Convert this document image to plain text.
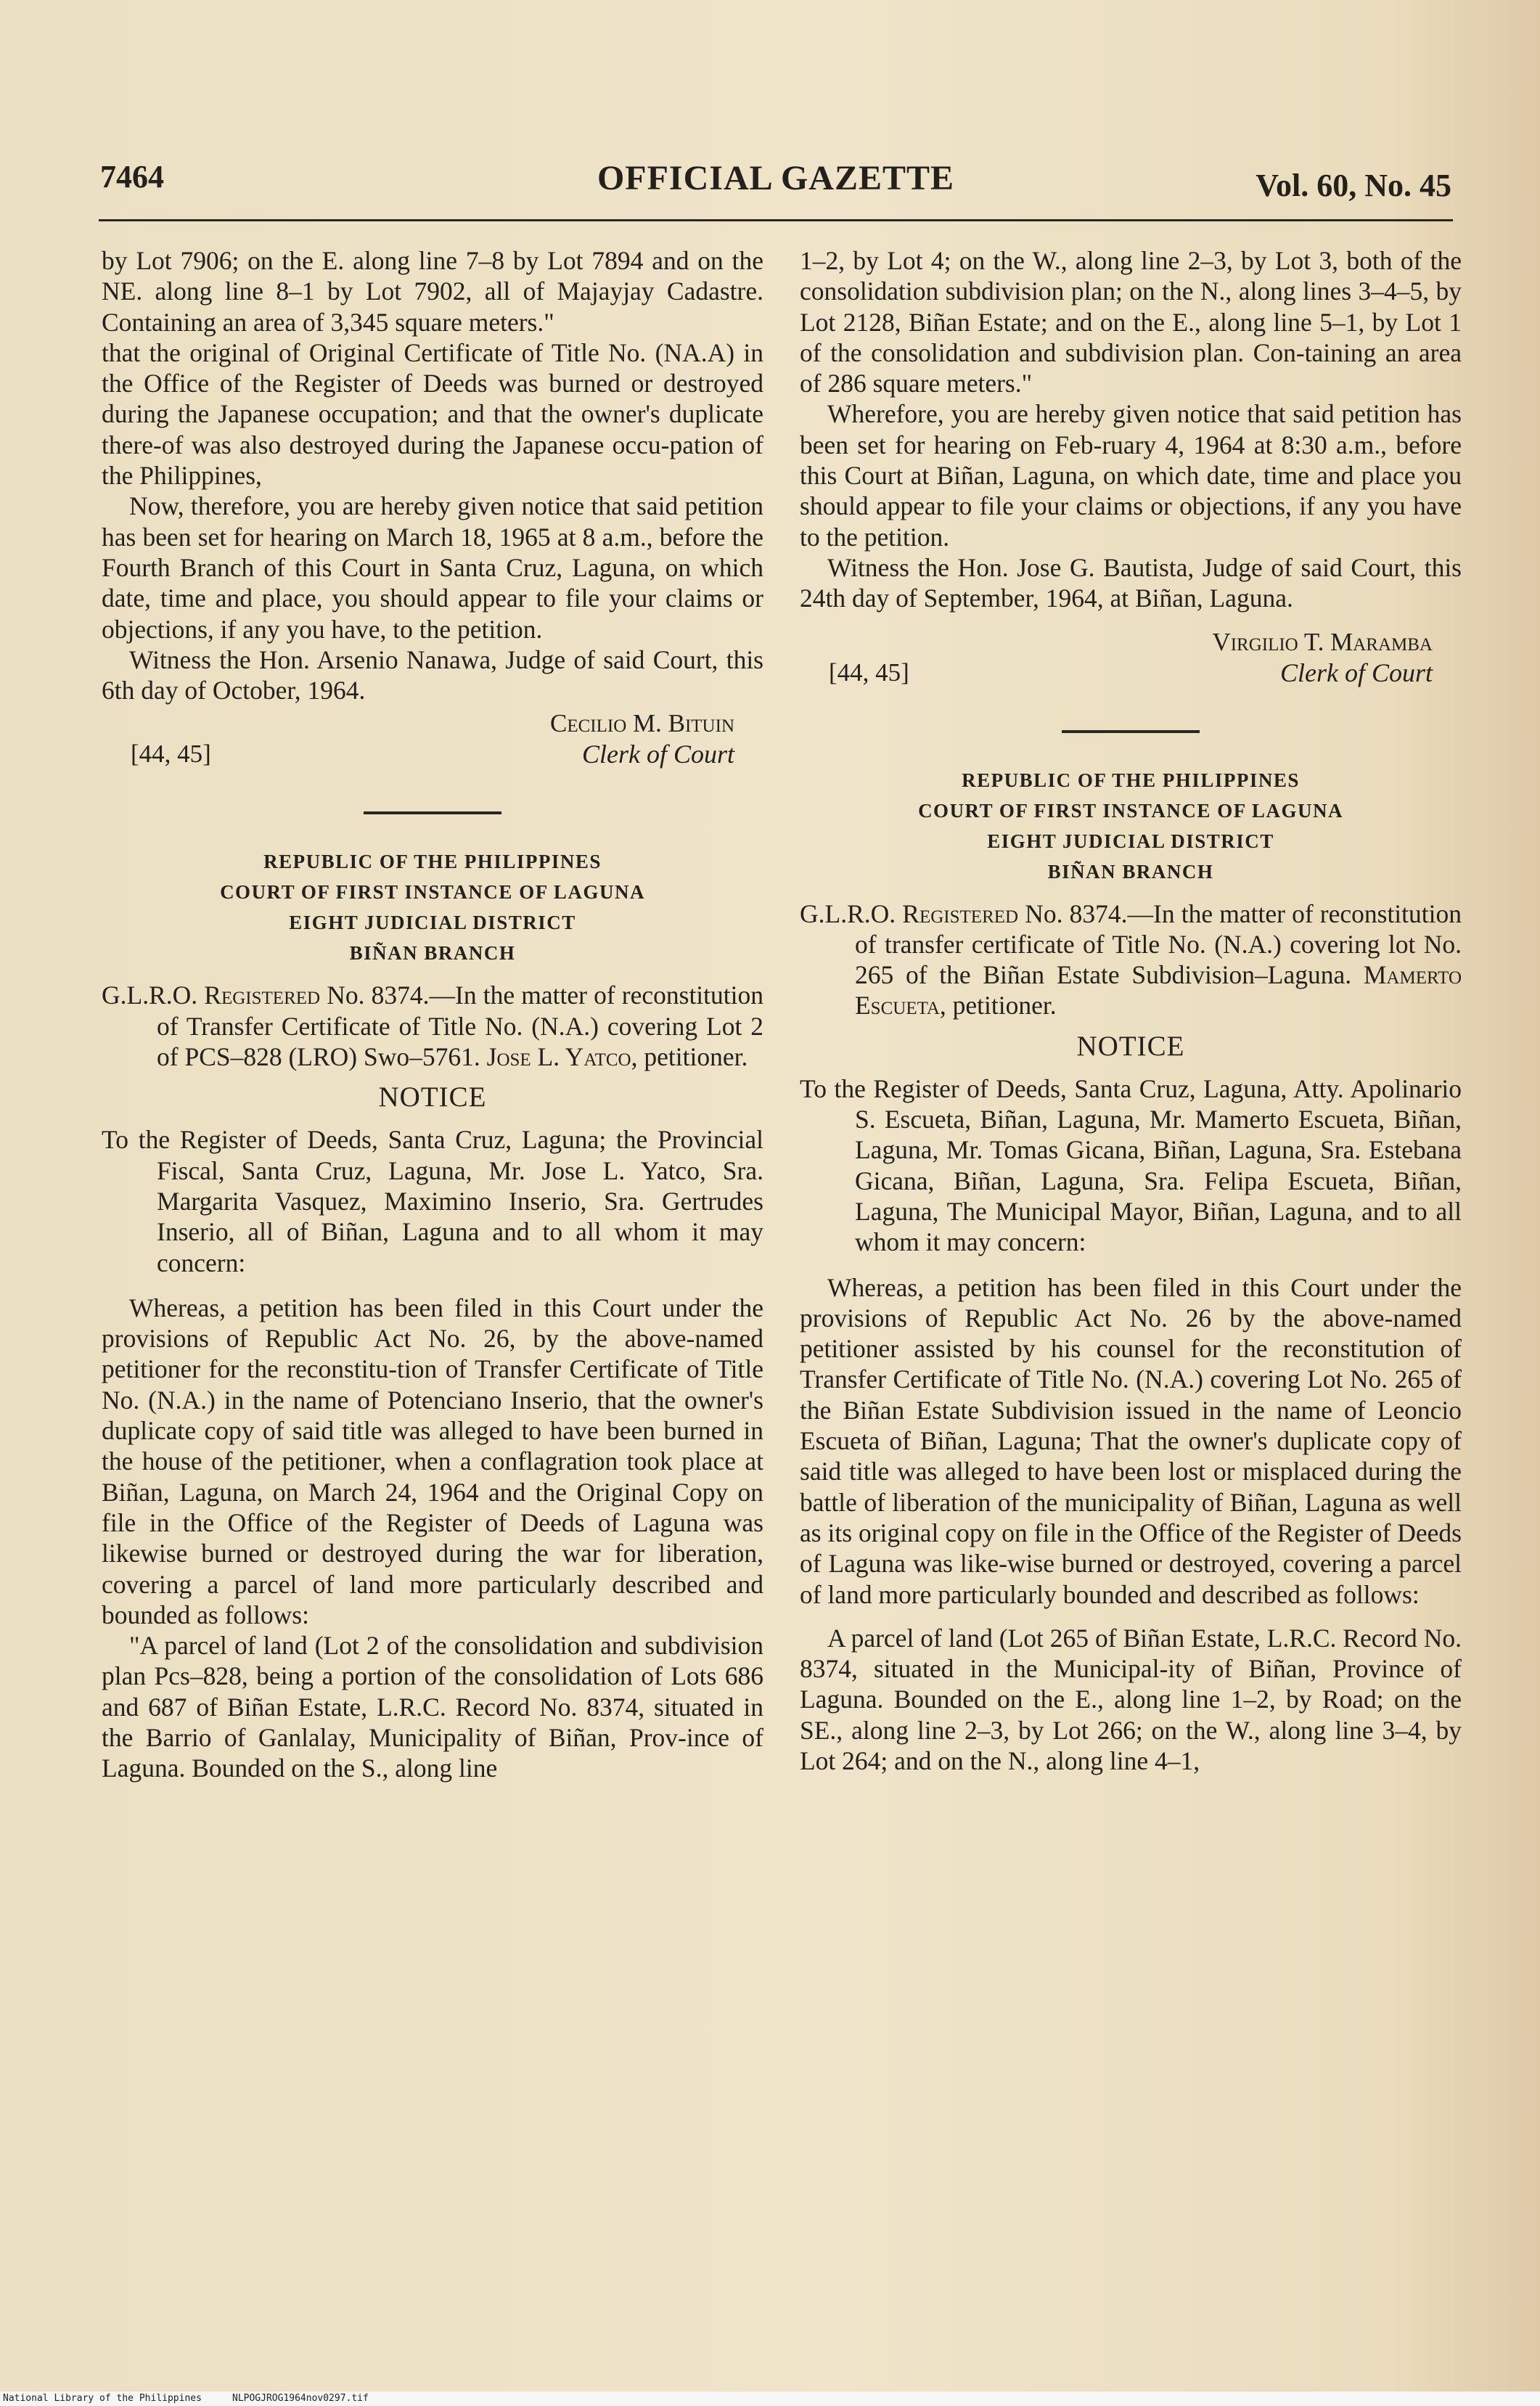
7464	OFFICIAL GAZETTE	Vol. 60, No. 45

by Lot 7906; on the E. along line 7–8 by Lot 7894 and on the NE. along line 8–1 by Lot 7902, all of Majayjay Cadastre. Containing an area of 3,345 square meters."

that the original of Original Certificate of Title No. (NA.A) in the Office of the Register of Deeds was burned or destroyed during the Japanese occupation; and that the owner's duplicate there-of was also destroyed during the Japanese occu-pation of the Philippines,

Now, therefore, you are hereby given notice that said petition has been set for hearing on March 18, 1965 at 8 a.m., before the Fourth Branch of this Court in Santa Cruz, Laguna, on which date, time and place, you should appear to file your claims or objections, if any you have, to the petition.

Witness the Hon. Arsenio Nanawa, Judge of said Court, this 6th day of October, 1964.

Cecilio M. Bituin
Clerk of Court
[44, 45]
REPUBLIC OF THE PHILIPPINES
COURT OF FIRST INSTANCE OF LAGUNA
EIGHT JUDICIAL DISTRICT
BIÑAN BRANCH

G.L.R.O. Registered No. 8374.—In the matter of reconstitution of Transfer Certificate of Title No. (N.A.) covering Lot 2 of PCS–828 (LRO) Swo–5761. Jose L. Yatco, petitioner.

NOTICE

To the Register of Deeds, Santa Cruz, Laguna; the Provincial Fiscal, Santa Cruz, Laguna, Mr. Jose L. Yatco, Sra. Margarita Vasquez, Maximino Inserio, Sra. Gertrudes Inserio, all of Biñan, Laguna and to all whom it may concern:

Whereas, a petition has been filed in this Court under the provisions of Republic Act No. 26, by the above-named petitioner for the reconstitu-tion of Transfer Certificate of Title No. (N.A.) in the name of Potenciano Inserio, that the owner's duplicate copy of said title was alleged to have been burned in the house of the petitioner, when a conflagration took place at Biñan, Laguna, on March 24, 1964 and the Original Copy on file in the Office of the Register of Deeds of Laguna was likewise burned or destroyed during the war for liberation, covering a parcel of land more particularly described and bounded as follows:

"A parcel of land (Lot 2 of the consolidation and subdivision plan Pcs–828, being a portion of the consolidation of Lots 686 and 687 of Biñan Estate, L.R.C. Record No. 8374, situated in the Barrio of Ganlalay, Municipality of Biñan, Prov-ince of Laguna. Bounded on the S., along line

1–2, by Lot 4; on the W., along line 2–3, by Lot 3, both of the consolidation subdivision plan; on the N., along lines 3–4–5, by Lot 2128, Biñan Estate; and on the E., along line 5–1, by Lot 1 of the consolidation and subdivision plan. Con-taining an area of 286 square meters."

Wherefore, you are hereby given notice that said petition has been set for hearing on Feb-ruary 4, 1964 at 8:30 a.m., before this Court at Biñan, Laguna, on which date, time and place you should appear to file your claims or objections, if any you have to the petition.

Witness the Hon. Jose G. Bautista, Judge of said Court, this 24th day of September, 1964, at Biñan, Laguna.

Virgilio T. Maramba
Clerk of Court
[44, 45]
REPUBLIC OF THE PHILIPPINES
COURT OF FIRST INSTANCE OF LAGUNA
EIGHT JUDICIAL DISTRICT
BIÑAN BRANCH

G.L.R.O. Registered No. 8374.—In the matter of reconstitution of transfer certificate of Title No. (N.A.) covering lot No. 265 of the Biñan Estate Subdivision–Laguna. Mamerto Escueta, petitioner.

NOTICE

To the Register of Deeds, Santa Cruz, Laguna, Atty. Apolinario S. Escueta, Biñan, Laguna, Mr. Mamerto Escueta, Biñan, Laguna, Mr. Tomas Gicana, Biñan, Laguna, Sra. Estebana Gicana, Biñan, Laguna, Sra. Felipa Escueta, Biñan, Laguna, The Municipal Mayor, Biñan, Laguna, and to all whom it may concern:

Whereas, a petition has been filed in this Court under the provisions of Republic Act No. 26 by the above-named petitioner assisted by his counsel for the reconstitution of Transfer Certificate of Title No. (N.A.) covering Lot No. 265 of the Biñan Estate Subdivision issued in the name of Leoncio Escueta of Biñan, Laguna; That the owner's duplicate copy of said title was alleged to have been lost or misplaced during the battle of liberation of the municipality of Biñan, Laguna as well as its original copy on file in the Office of the Register of Deeds of Laguna was like-wise burned or destroyed, covering a parcel of land more particularly bounded and described as follows:

A parcel of land (Lot 265 of Biñan Estate, L.R.C. Record No. 8374, situated in the Municipal-ity of Biñan, Province of Laguna. Bounded on the E., along line 1–2, by Road; on the SE., along line 2–3, by Lot 266; on the W., along line 3–4, by Lot 264; and on the N., along line 4–1,

National Library of the Philippines	NLPOGJROG1964nov0297.tif
